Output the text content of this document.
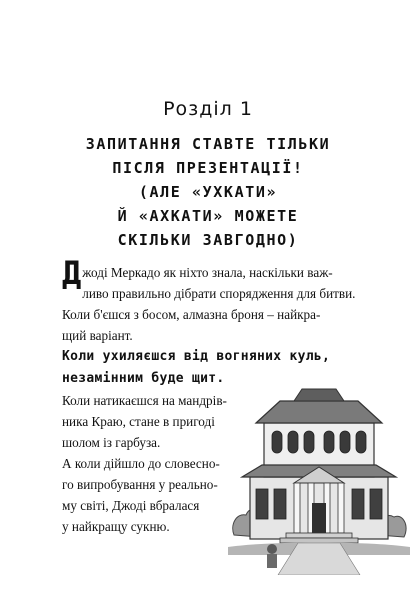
Розділ 1
ЗАПИТАННЯ СТАВТЕ ТІЛЬКИ
ПІСЛЯ ПРЕЗЕНТАЦІЇ!
(АЛЕ «УХКАТИ»
Й «АХКАТИ» МОЖЕТЕ
СКІЛЬКИ ЗАВГОДНО)
Джоді Меркадо як ніхто знала, наскільки важ-
ливо правильно дібрати спорядження для битви.
Коли б'єшся з босом, алмазна броня – найкра-
щий варіант.
Коли ухиляєшся від вогняних куль,
незамінним буде щит.
Коли натикаєшся на мандрів-
ника Краю, стане в пригоді
шолом із гарбуза.
А коли дійшло до словесно-
го випробування у реально-
му світі, Джоді вбралася
у найкращу сукню.
